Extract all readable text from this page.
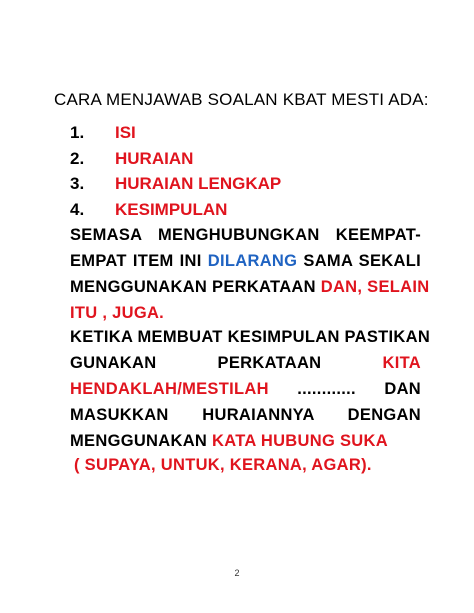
CARA MENJAWAB SOALAN KBAT MESTI ADA:
1. ISI
2. HURAIAN
3. HURAIAN LENGKAP
4. KESIMPULAN
SEMASA MENGHUBUNGKAN KEEMPAT-
EMPAT ITEM INI DILARANG SAMA SEKALI
MENGGUNAKAN PERKATAAN DAN, SELAIN
ITU , JUGA.
KETIKA MEMBUAT KESIMPULAN PASTIKAN
GUNAKAN PERKATAAN KITA
HENDAKLAH/MESTILAH ............ DAN
MASUKKAN HURAIANNYA DENGAN
MENGGUNAKAN KATA HUBUNG SUKA
( SUPAYA, UNTUK, KERANA, AGAR).
2
